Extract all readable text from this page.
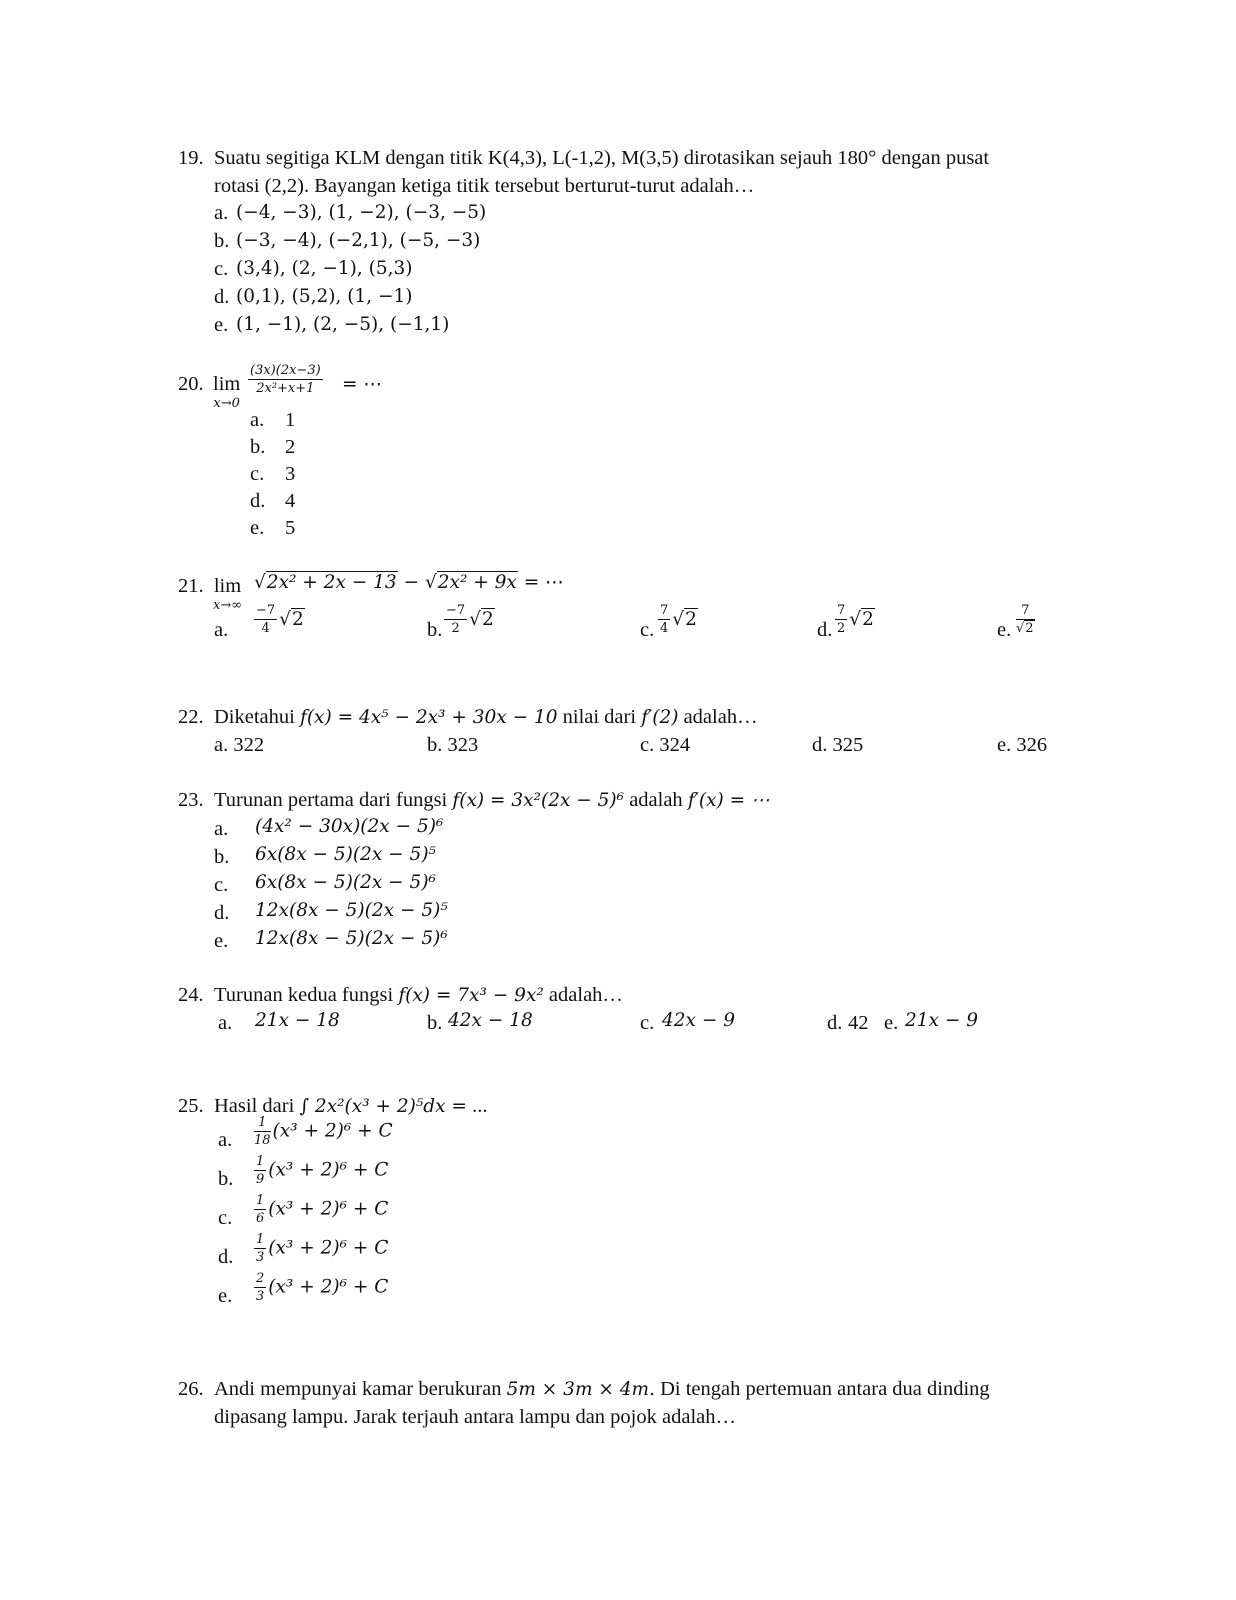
19. Suatu segitiga KLM dengan titik K(4,3), L(-1,2), M(3,5) dirotasikan sejauh 180° dengan pusat
rotasi (2,2). Bayangan ketiga titik tersebut berturut-turut adalah…
a. (−4, −3), (1, −2), (−3, −5)
b. (−3, −4), (−2,1), (−5, −3)
c. (3,4), (2, −1), (5,3)
d. (0,1), (5,2), (1, −1)
e. (1, −1), (2, −5), (−1,1)
20. lim
x→0
$\frac{(3x)(2x-3)}{\text{2x²+x+1}}$ = ⋯
a. 1
b. 2
c. 3
d. 4
e. 5
21. lim
x→∞
√2x² + 2x − 13 − √2x² + 9x = ⋯
a. $\frac{-7}{4} √2$	b. $\frac{-7}{2} √2$	c. $\frac{7}{4} √2$	d. $\frac{7}{2} √2$	e. $\frac{7}{√2}$
22. Diketahui f(x) = 4x⁵ − 2x³ + 30x − 10 nilai dari f′(2) adalah…
a. 322	b. 323	c. 324	d. 325	e. 326
23. Turunan pertama dari fungsi f(x) = 3x²(2x − 5)⁶ adalah f′(x) = ⋯
a. (4x² − 30x)(2x − 5)⁶
b. 6x(8x − 5)(2x − 5)⁵
c. 6x(8x − 5)(2x − 5)⁶
d. 12x(8x − 5)(2x − 5)⁵
e. 12x(8x − 5)(2x − 5)⁶
24. Turunan kedua fungsi f(x) = 7x³ − 9x² adalah…
a. 21x − 18	b. 42x − 18	c. 42x − 9	d. 42 e. 21x − 9
25. Hasil dari ∫ 2x²(x³ + 2)⁵dx = ...
a. $\frac{1}{18} (x^3 + 2)^6 + C$
b. $\frac{1}{9} (x^3 + 2)^6 + C$
c. $\frac{1}{6} (x^3 + 2)^6 + C$
d. $\frac{1}{3} (x^3 + 2)^6 + C$
e. $\frac{2}{3} (x^3 + 2)^6 + C$
26. Andi mempunyai kamar berukuran 5m × 3m × 4m. Di tengah pertemuan antara dua dinding
dipasang lampu. Jarak terjauh antara lampu dan pojok adalah…
